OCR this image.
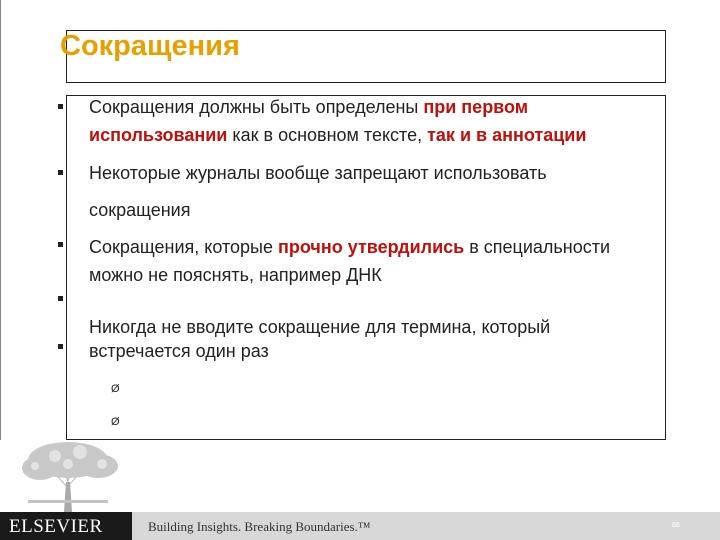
Сокращения
Сокращения должны быть определены при первом
использовании как в основном тексте, так и в аннотации
Некоторые журналы вообще запрещают использовать
сокращения
Сокращения, которые прочно утвердились в специальности
можно не пояснять, например ДНК
Никогда не вводите сокращение для термина, который
встречается один раз
Ø
Ø
ELSEVIER	Building Insights. Breaking Boundaries.™	68
